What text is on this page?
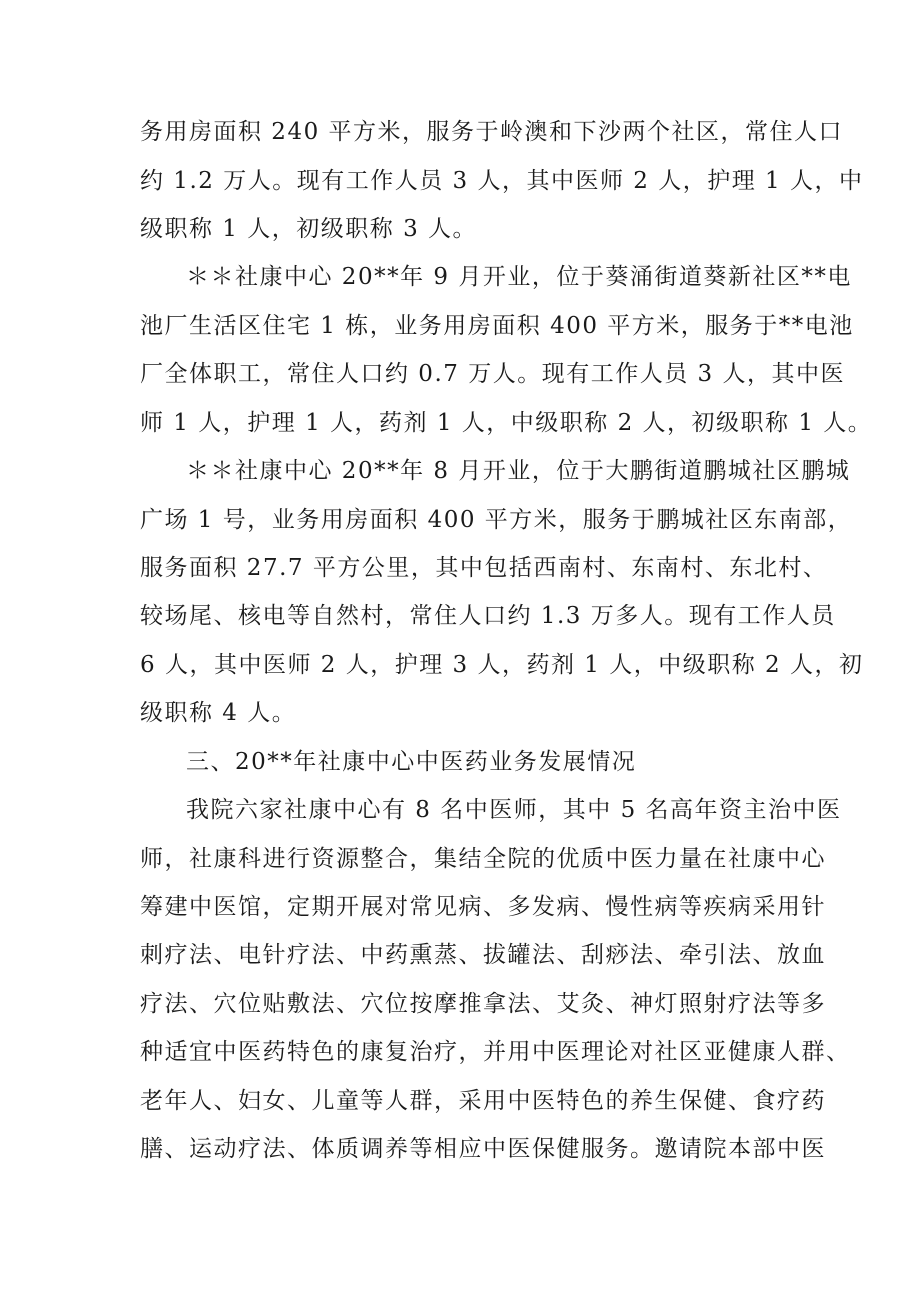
务用房面积 240 平方米，服务于岭澳和下沙两个社区，常住人口
约 1.2 万人。现有工作人员 3 人，其中医师 2 人，护理 1 人，中
级职称 1 人，初级职称 3 人。
＊＊社康中心 20**年 9 月开业，位于葵涌街道葵新社区**电
池厂生活区住宅 1 栋，业务用房面积 400 平方米，服务于**电池
厂全体职工，常住人口约 0.7 万人。现有工作人员 3 人，其中医
师 1 人，护理 1 人，药剂 1 人，中级职称 2 人，初级职称 1 人。
＊＊社康中心 20**年 8 月开业，位于大鹏街道鹏城社区鹏城
广场 1 号，业务用房面积 400 平方米，服务于鹏城社区东南部，
服务面积 27.7 平方公里，其中包括西南村、东南村、东北村、
较场尾、核电等自然村，常住人口约 1.3 万多人。现有工作人员
6 人，其中医师 2 人，护理 3 人，药剂 1 人，中级职称 2 人，初
级职称 4 人。
三、20**年社康中心中医药业务发展情况
我院六家社康中心有 8 名中医师，其中 5 名高年资主治中医
师，社康科进行资源整合，集结全院的优质中医力量在社康中心
筹建中医馆，定期开展对常见病、多发病、慢性病等疾病采用针
刺疗法、电针疗法、中药熏蒸、拔罐法、刮痧法、牵引法、放血
疗法、穴位贴敷法、穴位按摩推拿法、艾灸、神灯照射疗法等多
种适宜中医药特色的康复治疗，并用中医理论对社区亚健康人群、
老年人、妇女、儿童等人群，采用中医特色的养生保健、食疗药
膳、运动疗法、体质调养等相应中医保健服务。邀请院本部中医
